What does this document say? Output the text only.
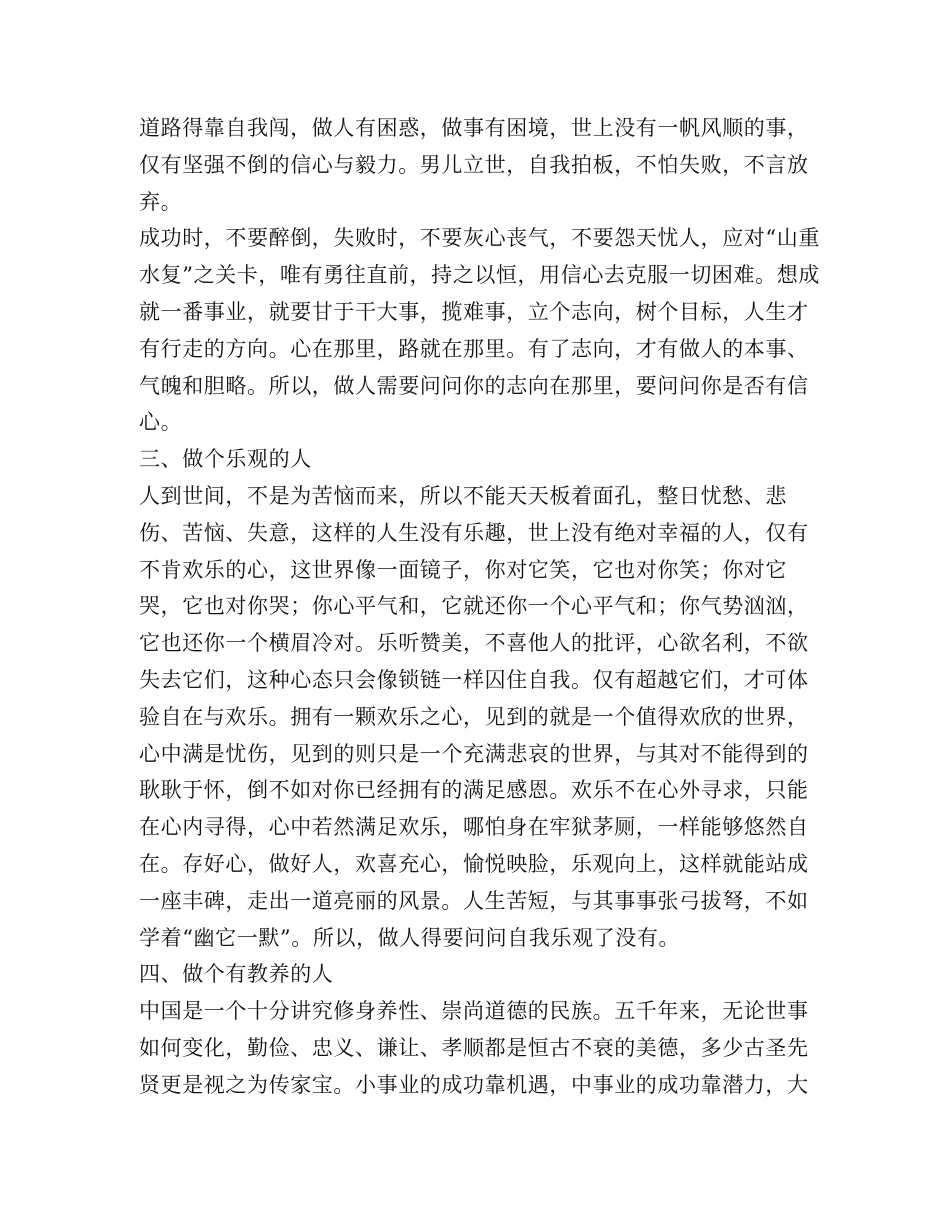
道路得靠自我闯，做人有困惑，做事有困境，世上没有一帆风顺的事，仅有坚强不倒的信心与毅力。男儿立世，自我拍板，不怕失败，不言放弃。

成功时，不要醉倒，失败时，不要灰心丧气，不要怨天忧人，应对“山重水复”之关卡，唯有勇往直前，持之以恒，用信心去克服一切困难。想成就一番事业，就要甘于干大事，揽难事，立个志向，树个目标，人生才有行走的方向。心在那里，路就在那里。有了志向，才有做人的本事、气魄和胆略。所以，做人需要问问你的志向在那里，要问问你是否有信心。

三、做个乐观的人

人到世间，不是为苦恼而来，所以不能天天板着面孔，整日忧愁、悲伤、苦恼、失意，这样的人生没有乐趣，世上没有绝对幸福的人，仅有不肯欢乐的心，这世界像一面镜子，你对它笑，它也对你笑；你对它哭，它也对你哭；你心平气和，它就还你一个心平气和；你气势汹汹，它也还你一个横眉冷对。乐听赞美，不喜他人的批评，心欲名利，不欲失去它们，这种心态只会像锁链一样囚住自我。仅有超越它们，才可体验自在与欢乐。拥有一颗欢乐之心，见到的就是一个值得欢欣的世界，心中满是忧伤，见到的则只是一个充满悲哀的世界，与其对不能得到的耿耿于怀，倒不如对你已经拥有的满足感恩。欢乐不在心外寻求，只能在心内寻得，心中若然满足欢乐，哪怕身在牢狱茅厕，一样能够悠然自在。存好心，做好人，欢喜充心，愉悦映脸，乐观向上，这样就能站成一座丰碑，走出一道亮丽的风景。人生苦短，与其事事张弓拔弩，不如学着“幽它一默”。所以，做人得要问问自我乐观了没有。

四、做个有教养的人

中国是一个十分讲究修身养性、崇尚道德的民族。五千年来，无论世事如何变化，勤俭、忠义、谦让、孝顺都是恒古不衰的美德，多少古圣先贤更是视之为传家宝。小事业的成功靠机遇，中事业的成功靠潜力，大
